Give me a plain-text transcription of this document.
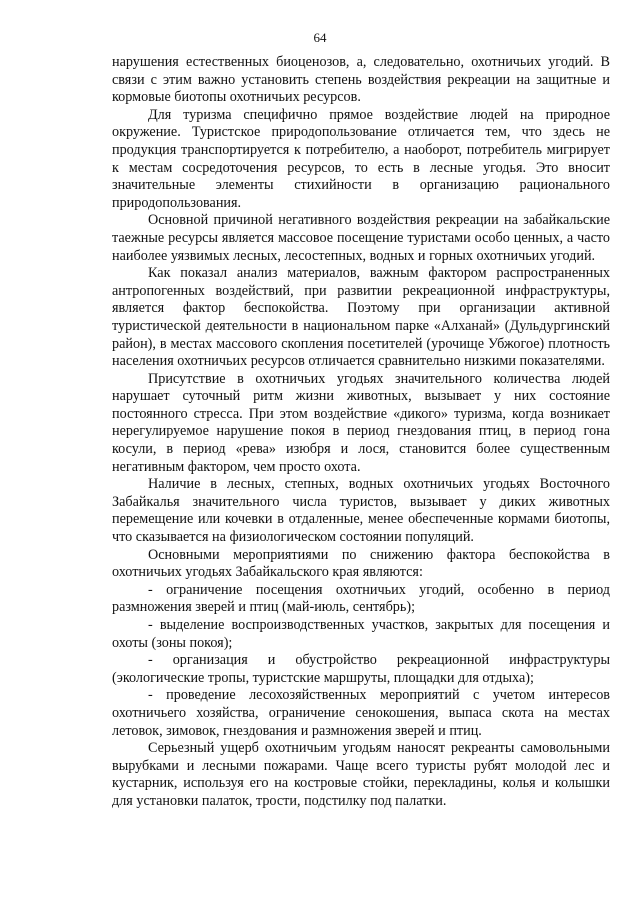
64

нарушения естественных биоценозов, а, следовательно, охотничьих угодий. В связи с этим важно установить степень воздействия рекреации на защитные и кормовые биотопы охотничьих ресурсов.

Для туризма специфично прямое воздействие людей на природное окружение. Туристское природопользование отличается тем, что здесь не продукция транспортируется к потребителю, а наоборот, потребитель мигрирует к местам сосредоточения ресурсов, то есть в лесные угодья. Это вносит значительные элементы стихийности в организацию рационального природопользования.

Основной причиной негативного воздействия рекреации на забайкальские таежные ресурсы является массовое посещение туристами особо ценных, а часто наиболее уязвимых лесных, лесостепных, водных и горных охотничьих угодий.

Как показал анализ материалов, важным фактором распространенных антропогенных воздействий, при развитии рекреационной инфраструктуры, является фактор беспокойства. Поэтому при организации активной туристической деятельности в национальном парке «Алханай» (Дульдургинский район), в местах массового скопления посетителей (урочище Убжогое) плотность населения охотничьих ресурсов отличается сравнительно низкими показателями.

Присутствие в охотничьих угодьях значительного количества людей нарушает суточный ритм жизни животных, вызывает у них состояние постоянного стресса. При этом воздействие «дикого» туризма, когда возникает нерегулируемое нарушение покоя в период гнездования птиц, в период гона косули, в период «рева» изюбря и лося, становится более существенным негативным фактором, чем просто охота.

Наличие в лесных, степных, водных охотничьих угодьях Восточного Забайкалья значительного числа туристов, вызывает у диких животных перемещение или кочевки в отдаленные, менее обеспеченные кормами биотопы, что сказывается на физиологическом состоянии популяций.

Основными мероприятиями по снижению фактора беспокойства в охотничьих угодьях Забайкальского края являются:

- ограничение посещения охотничьих угодий, особенно в период размножения зверей и птиц (май-июль, сентябрь);

- выделение воспроизводственных участков, закрытых для посещения и охоты (зоны покоя);

- организация и обустройство рекреационной инфраструктуры (экологические тропы, туристские маршруты, площадки для отдыха);

- проведение лесохозяйственных мероприятий с учетом интересов охотничьего хозяйства, ограничение сенокошения, выпаса скота на местах летовок, зимовок, гнездования и размножения зверей и птиц.

Серьезный ущерб охотничьим угодьям наносят рекреанты самовольными вырубками и лесными пожарами. Чаще всего туристы рубят молодой лес и кустарник, используя его на костровые стойки, перекладины, колья и колышки для установки палаток, трости, подстилку под палатки.
